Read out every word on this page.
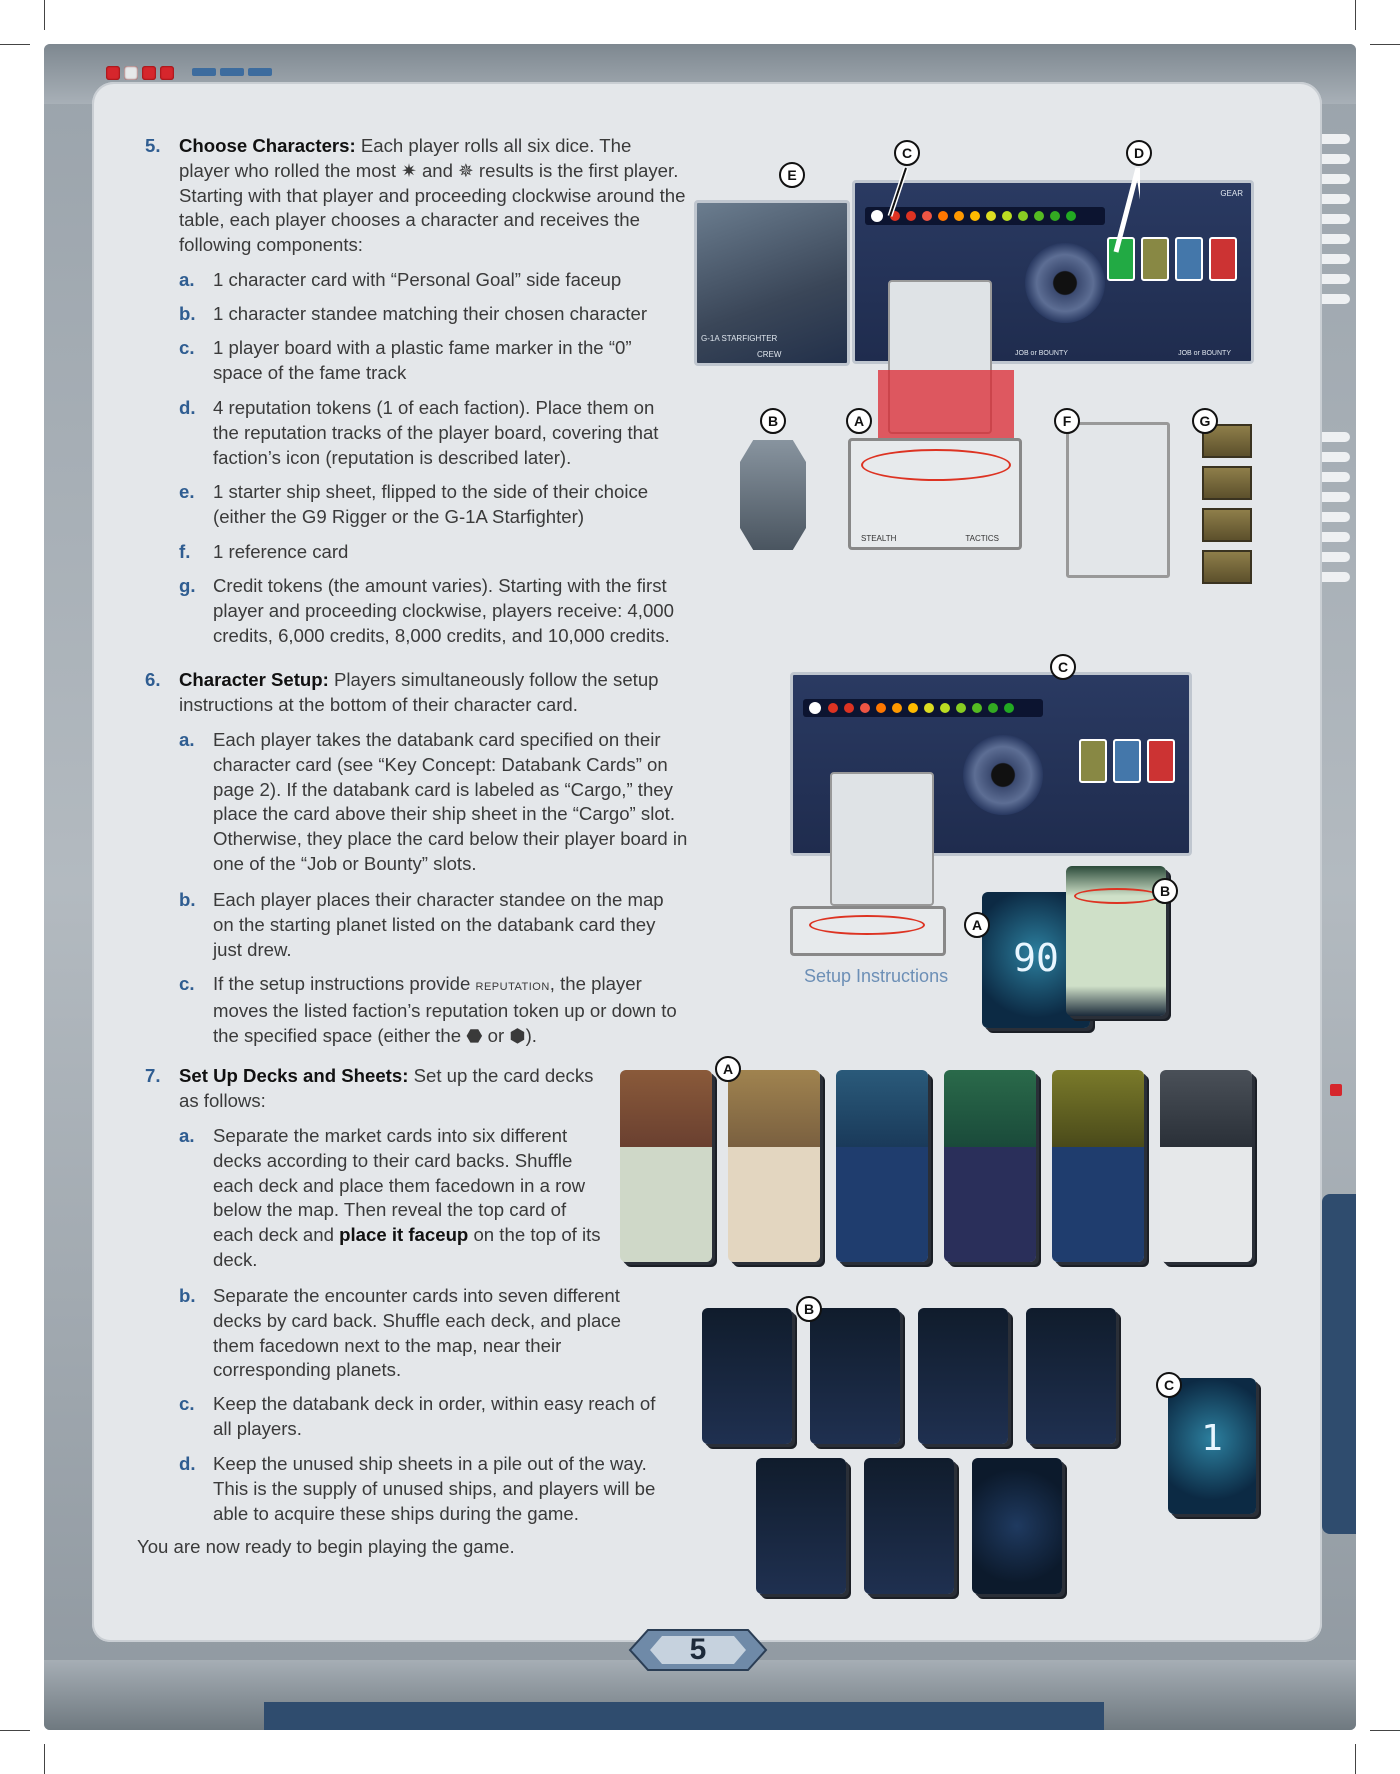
5. Choose Characters: Each player rolls all six dice. The player who rolled the most ✷ and ✵ results is the first player. Starting with that player and proceeding clockwise around the table, each player chooses a character and receives the following components:
a. 1 character card with “Personal Goal” side faceup
b. 1 character standee matching their chosen character
c. 1 player board with a plastic fame marker in the “0” space of the fame track
d. 4 reputation tokens (1 of each faction). Place them on the reputation tracks of the player board, covering that faction’s icon (reputation is described later).
e. 1 starter ship sheet, flipped to the side of their choice (either the G9 Rigger or the G-1A Starfighter)
f. 1 reference card
g. Credit tokens (the amount varies). Starting with the first player and proceeding clockwise, players receive: 4,000 credits, 6,000 credits, 8,000 credits, and 10,000 credits.
6. Character Setup: Players simultaneously follow the setup instructions at the bottom of their character card.
a. Each player takes the databank card specified on their character card (see “Key Concept: Databank Cards” on page 2). If the databank card is labeled as “Cargo,” they place the card above their ship sheet in the “Cargo” slot. Otherwise, they place the card below their player board in one of the “Job or Bounty” slots.
b. Each player places their character standee on the map on the starting planet listed on the databank card they just drew.
c. If the setup instructions provide reputation, the player moves the listed faction’s reputation token up or down to the specified space (either the ⬣ or ⬢).
7. Set Up Decks and Sheets: Set up the card decks as follows:
a. Separate the market cards into six different decks according to their card backs. Shuffle each deck and place them facedown in a row below the map. Then reveal the top card of each deck and place it faceup on the top of its deck.
b. Separate the encounter cards into seven different decks by card back. Shuffle each deck, and place them facedown next to the map, near their corresponding planets.
c. Keep the databank deck in order, within easy reach of all players.
d. Keep the unused ship sheets in a pile out of the way. This is the supply of unused ships, and players will be able to acquire these ships during the game.
You are now ready to begin playing the game.
G-1A STARFIGHTER
CREW
GEAR
JOB or BOUNTY	JOB or BOUNTY
STEALTH	TACTICS
E
C	D
B	A	F	G
90
C
B
A
Setup Instructions
1
A
B
C
5
